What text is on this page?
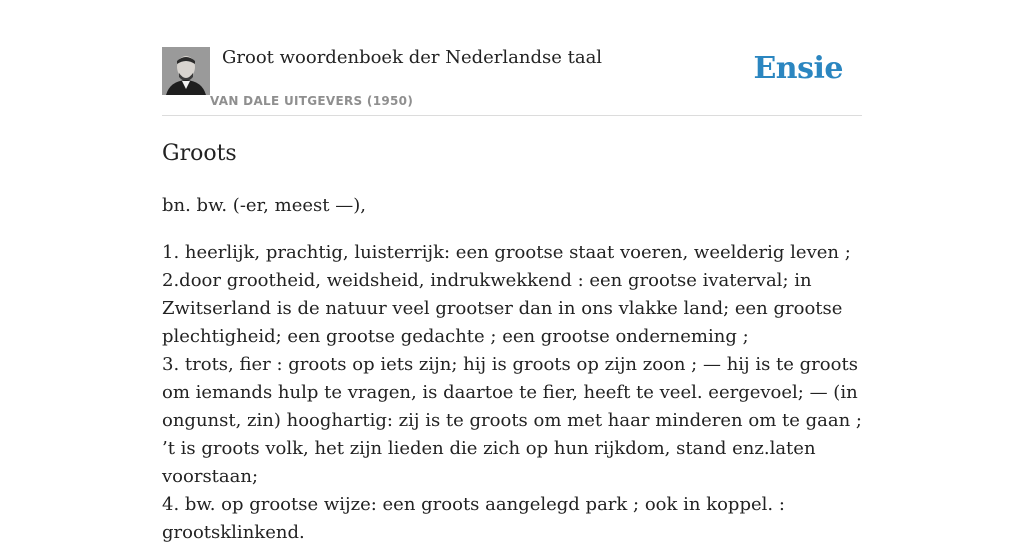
Groot woordenboek der Nederlandse taal
VAN DALE UITGEVERS (1950)
Ensie
Groots

bn. bw. (-er, meest —),

1. heerlijk, prachtig, luisterrijk: een grootse staat voeren, weelderig leven ;
2.door grootheid, weidsheid, indrukwekkend : een grootse ivaterval; in Zwitserland is de natuur veel grootser dan in ons vlakke land; een grootse plechtigheid; een grootse gedachte ; een grootse onderneming ;
3. trots, fier : groots op iets zijn; hij is groots op zijn zoon ; — hij is te groots om iemands hulp te vragen, is daartoe te fier, heeft te veel. eergevoel; — (in ongunst, zin) hooghartig: zij is te groots om met haar minderen om te gaan ; ’t is groots volk, het zijn lieden die zich op hun rijkdom, stand enz.laten voorstaan;
4. bw. op grootse wijze: een groots aangelegd park ; ook in koppel. : grootsklinkend.
